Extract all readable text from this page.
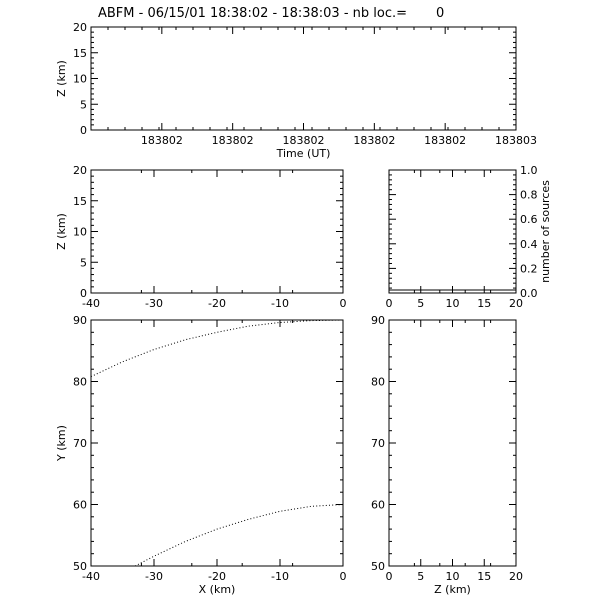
ABFM - 06/15/01 18:38:02 - 18:38:03 - nb loc.=       0
183802	183802	183802	183802	183802	183803
0
5
10
15
20
Time (UT)
Z (km)
-40	-30	-20	-10	0
0
5
10
15
20
Z (km)
0 5 10 15 20
0.0
0.2
0.4
0.6
0.8
1.0
number of sources
-40	-30	-20	-10	0
50
60
70
80
90
X (km)
Y (km)
0 5 10 15 20
50
60
70
80
90
Z (km)
